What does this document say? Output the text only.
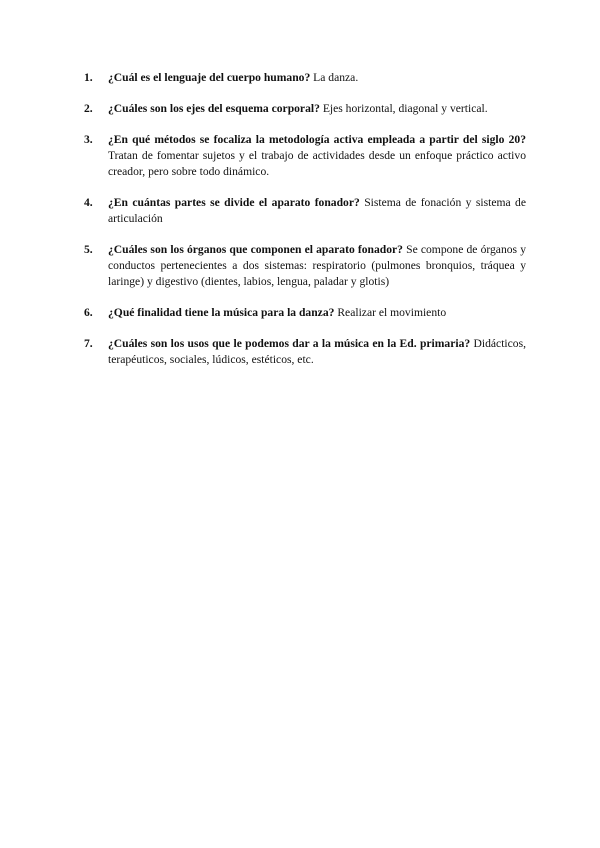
1. ¿Cuál es el lenguaje del cuerpo humano? La danza.
2. ¿Cuáles son los ejes del esquema corporal? Ejes horizontal, diagonal y vertical.
3. ¿En qué métodos se focaliza la metodología activa empleada a partir del siglo 20? Tratan de fomentar sujetos y el trabajo de actividades desde un enfoque práctico activo creador, pero sobre todo dinámico.
4. ¿En cuántas partes se divide el aparato fonador? Sistema de fonación y sistema de articulación
5. ¿Cuáles son los órganos que componen el aparato fonador? Se compone de órganos y conductos pertenecientes a dos sistemas: respiratorio (pulmones bronquios, tráquea y laringe) y digestivo (dientes, labios, lengua, paladar y glotis)
6. ¿Qué finalidad tiene la música para la danza? Realizar el movimiento
7. ¿Cuáles son los usos que le podemos dar a la música en la Ed. primaria? Didácticos, terapéuticos, sociales, lúdicos, estéticos, etc.
